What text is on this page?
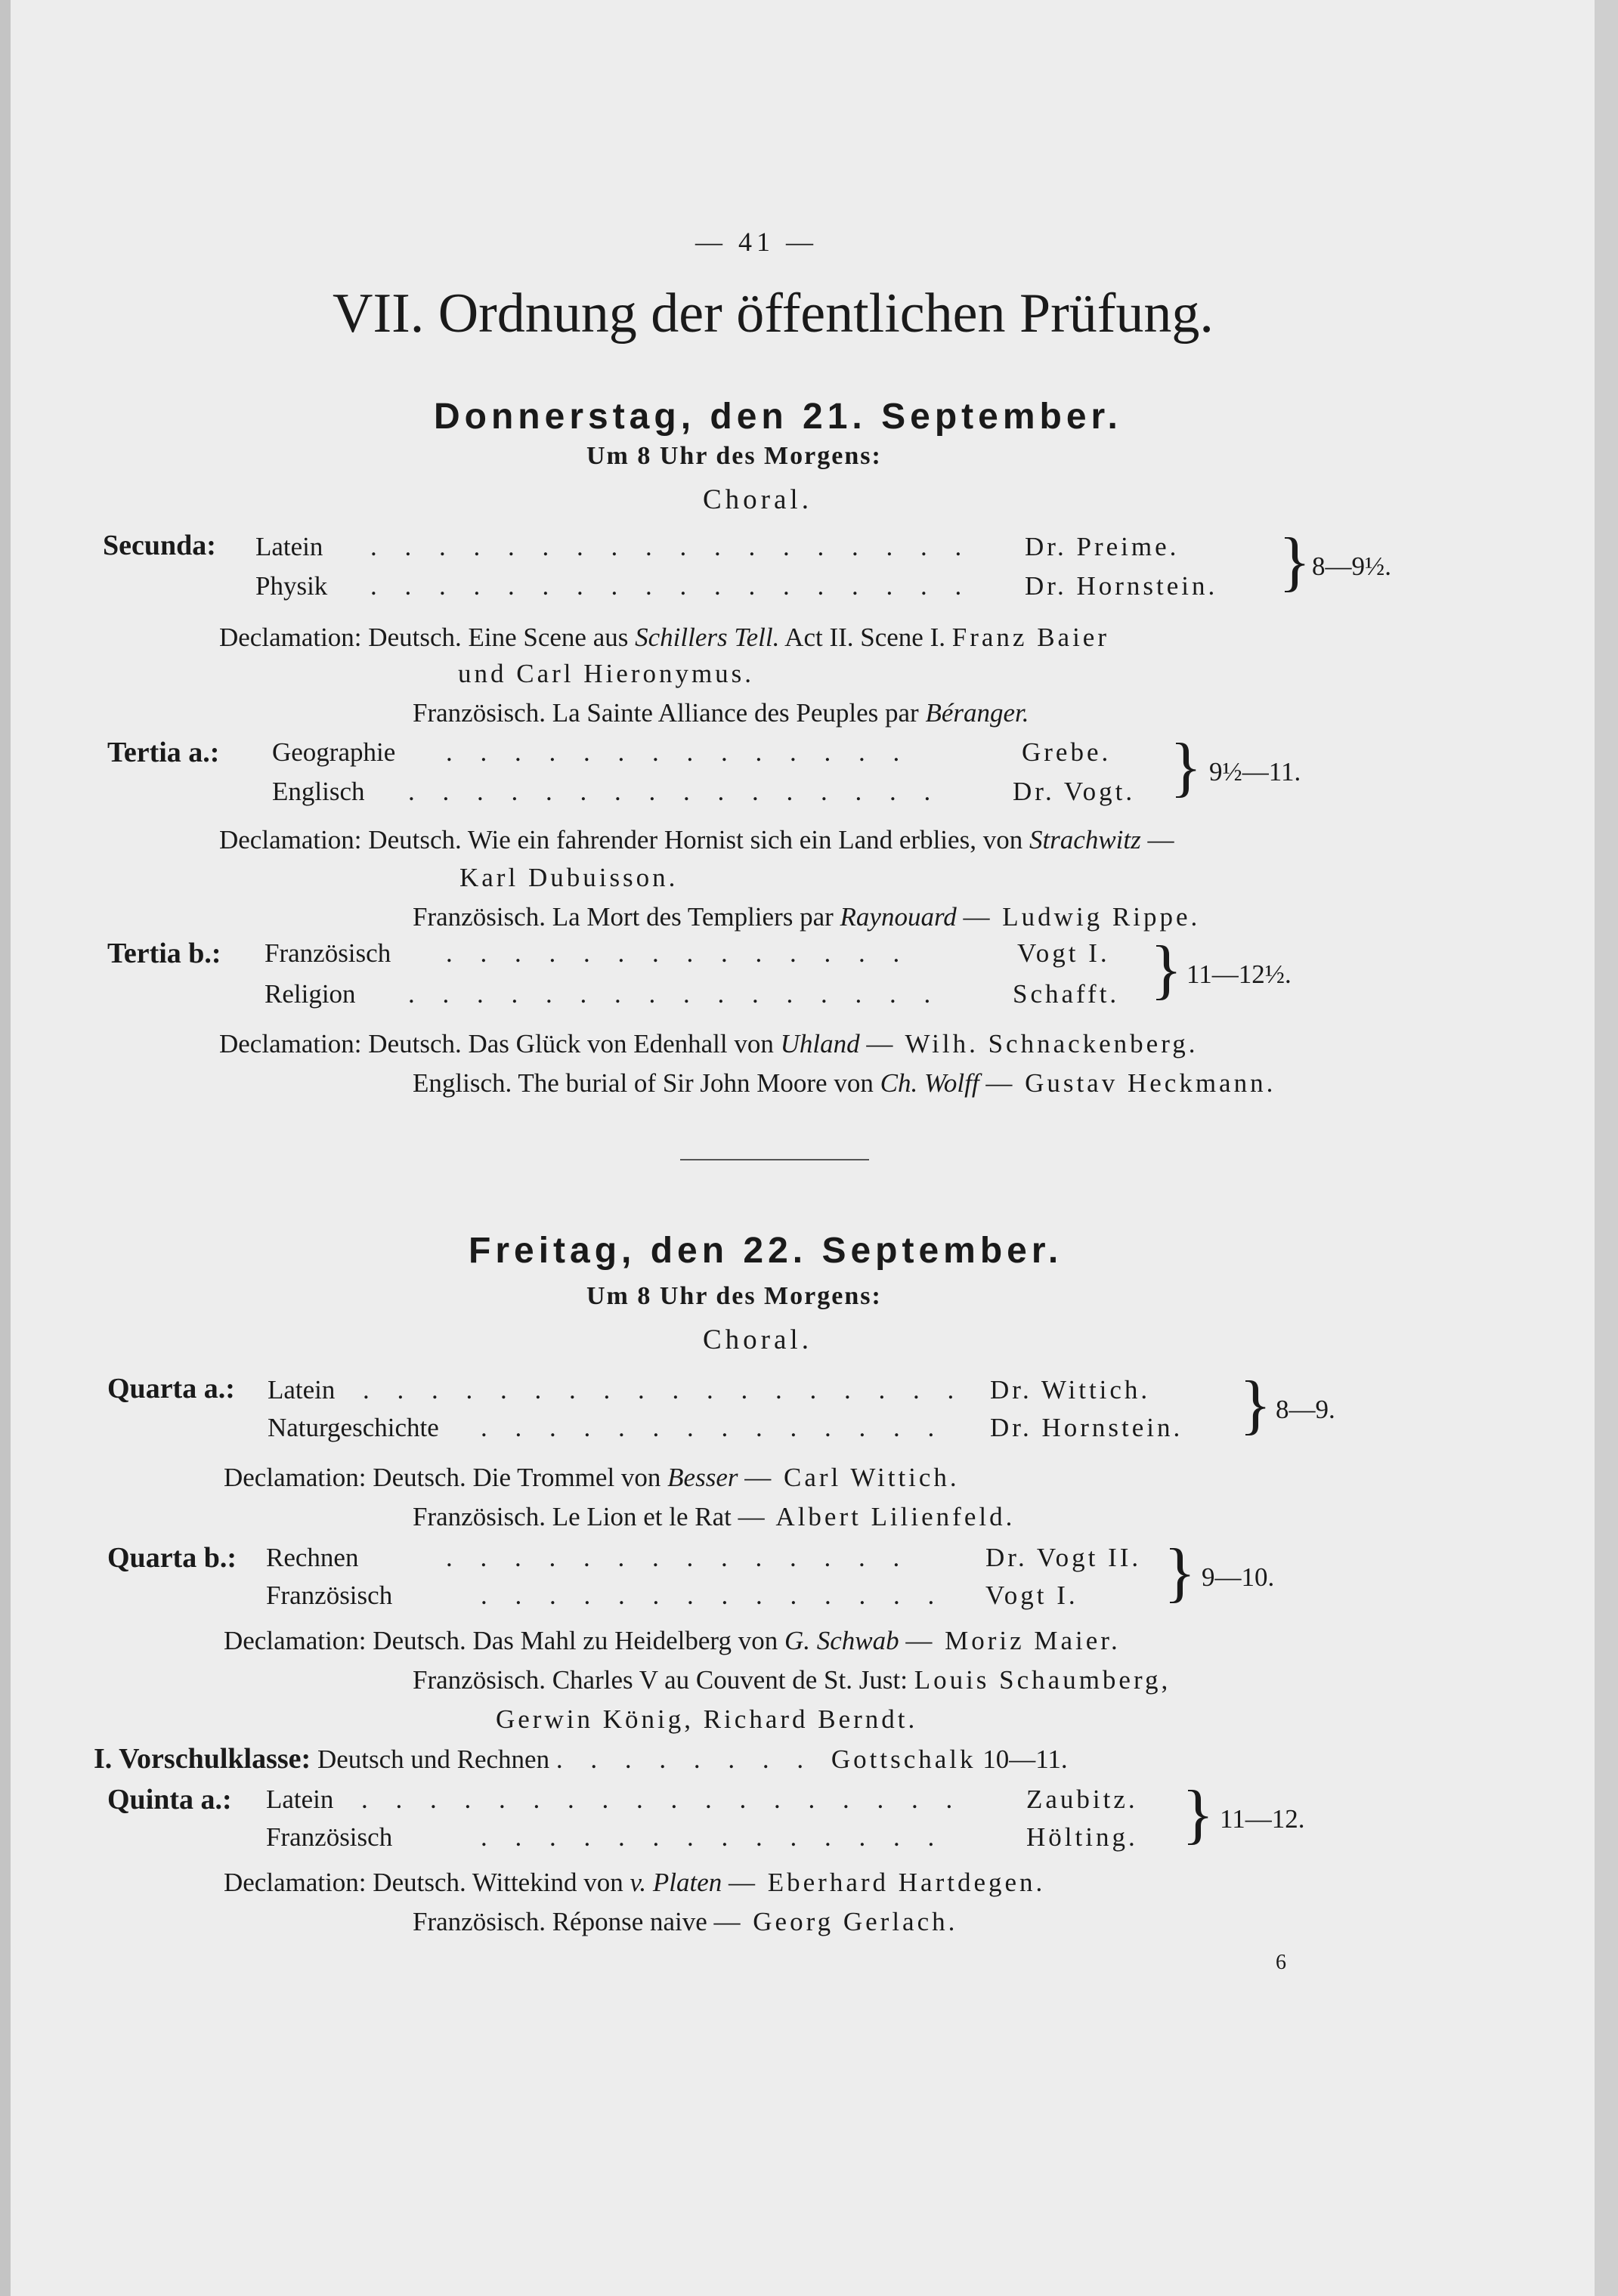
— 41 —
VII. Ordnung der öffentlichen Prüfung.
Donnerstag, den 21. September.
Um 8 Uhr des Morgens:
Choral.
Secunda: Latein . . . . . . . . . . . . . . . . . . Dr. Preime.
Physik . . . . . . . . . . . . . . . . . . Dr. Hornstein. } 8—9½.
Declamation: Deutsch. Eine Scene aus Schillers Tell. Act II. Scene I. Franz Baier
und Carl Hieronymus.
Französisch. La Sainte Alliance des Peuples par Béranger.
Tertia a.: Geographie . . . . . . . . . . . . . .	Grebe.
Englisch . . . . . . . . . . . . . . . .	Dr. Vogt. } 9½—11.
Declamation: Deutsch. Wie ein fahrender Hornist sich ein Land erblies, von Strachwitz —
Karl Dubuisson.
Französisch. La Mort des Templiers par Raynouard — Ludwig Rippe.
Tertia b.: Französisch . . . . . . . . . . . . . .	Vogt I.
Religion . . . . . . . . . . . . . . . .	Schafft. } 11—12½.
Declamation: Deutsch. Das Glück von Edenhall von Uhland — Wilh. Schnackenberg.
Englisch. The burial of Sir John Moore von Ch. Wolff — Gustav Heckmann.
Freitag, den 22. September.
Um 8 Uhr des Morgens:
Choral.
Quarta a.: Latein . . . . . . . . . . . . . . . . . . Dr. Wittich.
Naturgeschichte . . . . . . . . . . . . . . Dr. Hornstein. } 8—9.
Declamation: Deutsch. Die Trommel von Besser — Carl Wittich.
Französisch. Le Lion et le Rat — Albert Lilienfeld.
Quarta b.: Rechnen	. . . . . . . . . . . . . .	Dr. Vogt II.
Französisch	. . . . . . . . . . . . . . Vogt I. } 9—10.
Declamation: Deutsch. Das Mahl zu Heidelberg von G. Schwab — Moriz Maier.
Französisch. Charles V au Couvent de St. Just: Louis Schaumberg,
Gerwin König, Richard Berndt.
I. Vorschulklasse: Deutsch und Rechnen . . . . . . . . Gottschalk 10—11.
Quinta a.: Latein . . . . . . . . . . . . . . . . . . Zaubitz.
Französisch	. . . . . . . . . . . . . .	Hölting. } 11—12.
Declamation: Deutsch. Wittekind von v. Platen — Eberhard Hartdegen.
Französisch. Réponse naive — Georg Gerlach.
6
